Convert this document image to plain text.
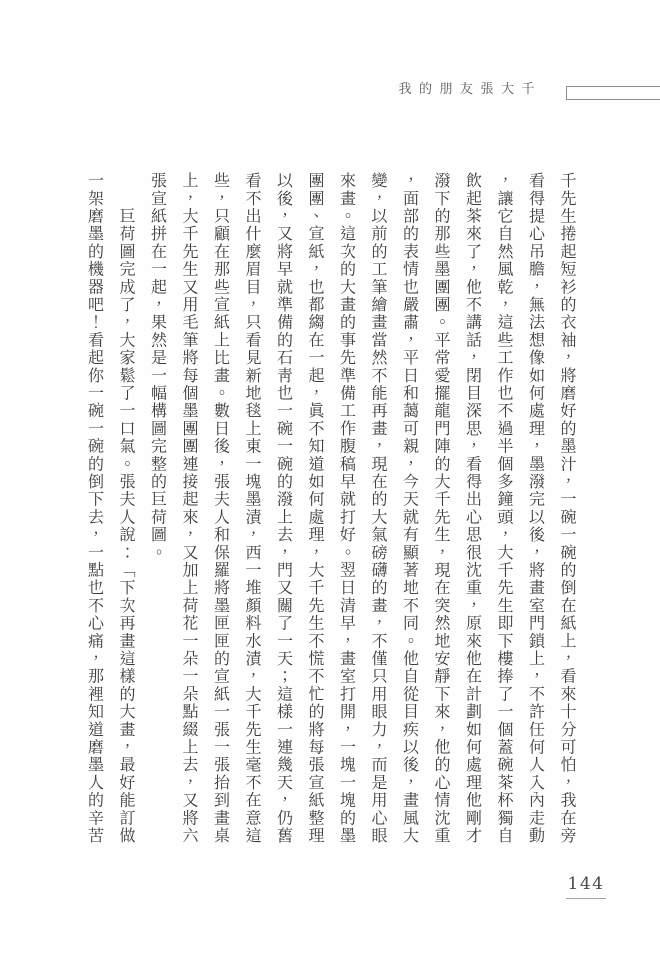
我的朋友張大千
千先生捲起短衫的衣袖，將磨好的墨汁，一碗一碗的倒在紙上，看來十分可怕，我在旁
看得提心吊膽，無法想像如何處理，墨潑完以後，將畫室門鎖上，不許任何人入內走動
，讓它自然風乾，這些工作也不過半個多鐘頭，大千先生即下樓捧了一個蓋碗茶杯獨自
飲起茶來了，他不講話，閉目深思，看得出心思很沈重，原來他在計劃如何處理他剛才
潑下的那些墨團團。平常愛擺龍門陣的大千先生，現在突然地安靜下來，他的心情沈重
，面部的表情也嚴肅，平日和藹可親，今天就有顯著地不同。他自從目疾以後，畫風大
變，以前的工筆繪畫當然不能再畫，現在的大氣磅礴的畫，不僅只用眼力，而是用心眼
來畫。這次的大畫的事先準備工作腹稿早就打好。翌日清早，畫室打開，一塊一塊的墨
團團、宣紙，也都縐在一起，眞不知道如何處理，大千先生不慌不忙的將每張宣紙整理
以後，又將早就準備的石靑也一碗一碗的潑上去，門又關了一天；這樣一連幾天，仍舊
看不出什麼眉目，只看見新地毯上東一塊墨漬，西一堆顏料水漬，大千先生毫不在意這
些，只顧在那些宣紙上比畫。數日後，張夫人和保羅將墨匣匣的宣紙一張一張抬到畫桌
上，大千先生又用毛筆將每個墨團團連接起來，又加上荷花一朵一朵點綴上去，又將六
張宣紙拼在一起，果然是一幅構圖完整的巨荷圖。
　　巨荷圖完成了，大家鬆了一口氣。張夫人說：「下次再畫這樣的大畫，最好能訂做
一架磨墨的機器吧！看起你一碗一碗的倒下去，一點也不心痛，那裡知道磨墨人的辛苦
144
